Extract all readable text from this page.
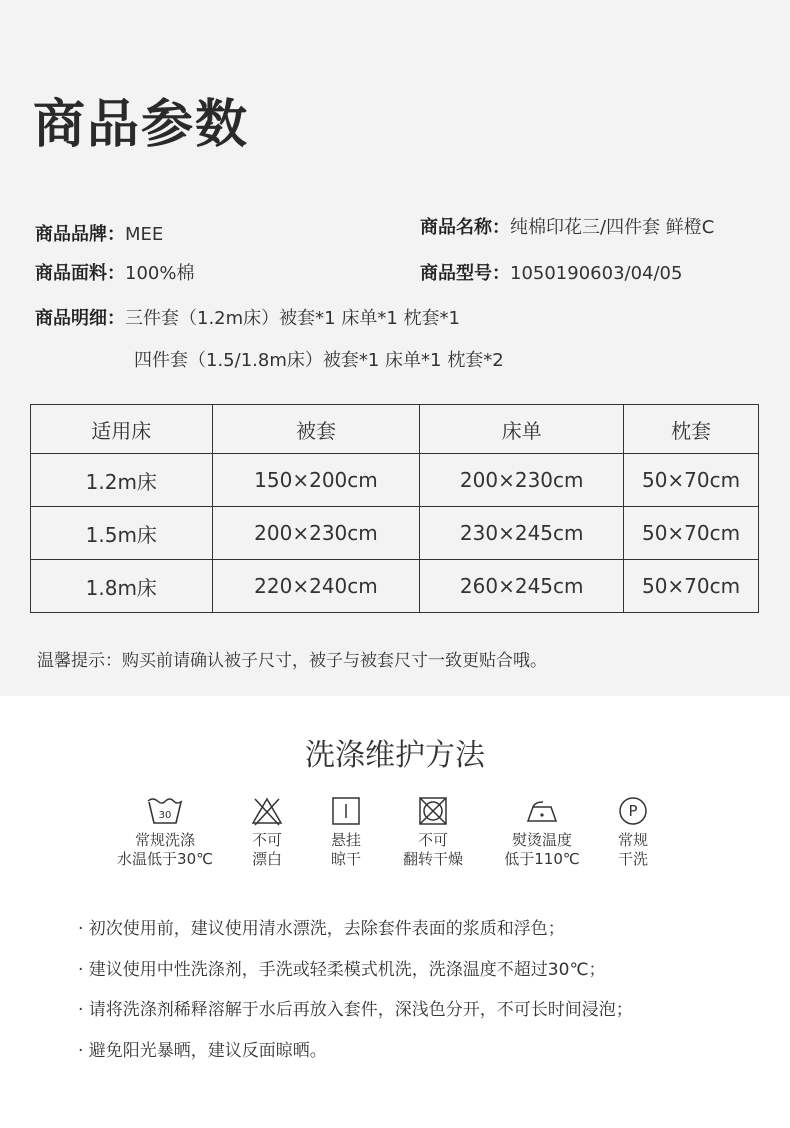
商品参数
商品品牌：MEE	商品名称：纯棉印花三/四件套 鲜橙C
商品面料：100%棉	商品型号：1050190603/04/05
商品明细：三件套（1.2m床）被套*1 床单*1 枕套*1
四件套（1.5/1.8m床）被套*1 床单*1 枕套*2
适用床	被套	床单	枕套
1.2m床	150×200cm	200×230cm	50×70cm
1.5m床	200×230cm	230×245cm	50×70cm
1.8m床	220×240cm	260×245cm	50×70cm
温馨提示：购买前请确认被子尺寸，被子与被套尺寸一致更贴合哦。
洗涤维护方法
30
常规洗涤
水温低于30℃
不可
漂白
悬挂
晾干
不可
翻转干燥
熨烫温度
低于110℃
P
常规
干洗
· 初次使用前，建议使用清水漂洗，去除套件表面的浆质和浮色；
· 建议使用中性洗涤剂，手洗或轻柔模式机洗，洗涤温度不超过30℃；
· 请将洗涤剂稀释溶解于水后再放入套件，深浅色分开，不可长时间浸泡；
· 避免阳光暴晒，建议反面晾晒。
